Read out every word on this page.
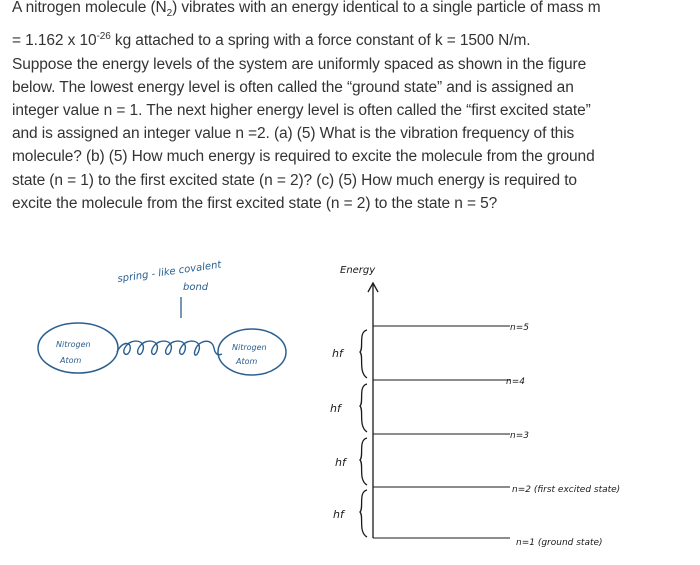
A nitrogen molecule $(N_2)$ vibrates with an energy identical to a single particle of mass m

= 1.162 x $10^{-26}$ kg attached to a spring with a force constant of k = 1500 N/m.

Suppose the energy levels of the system are uniformly spaced as shown in the figure

below. The lowest energy level is often called the “ground state” and is assigned an

integer value n = 1. The next higher energy level is often called the “first excited state”

and is assigned an integer value n =2. (a) (5) What is the vibration frequency of this

molecule? (b) (5) How much energy is required to excite the molecule from the ground

state (n = 1) to the first excited state (n = 2)? (c) (5) How much energy is required to

excite the molecule from the first excited state (n = 2) to the state n = 5?

spring - like covalent
bond
Nitrogen
Atom
Nitrogen
Atom
Energy
n=5
n=4
n=3
n=2 (first excited state)
n=1 (ground state)
hf
hf
hf
hf
